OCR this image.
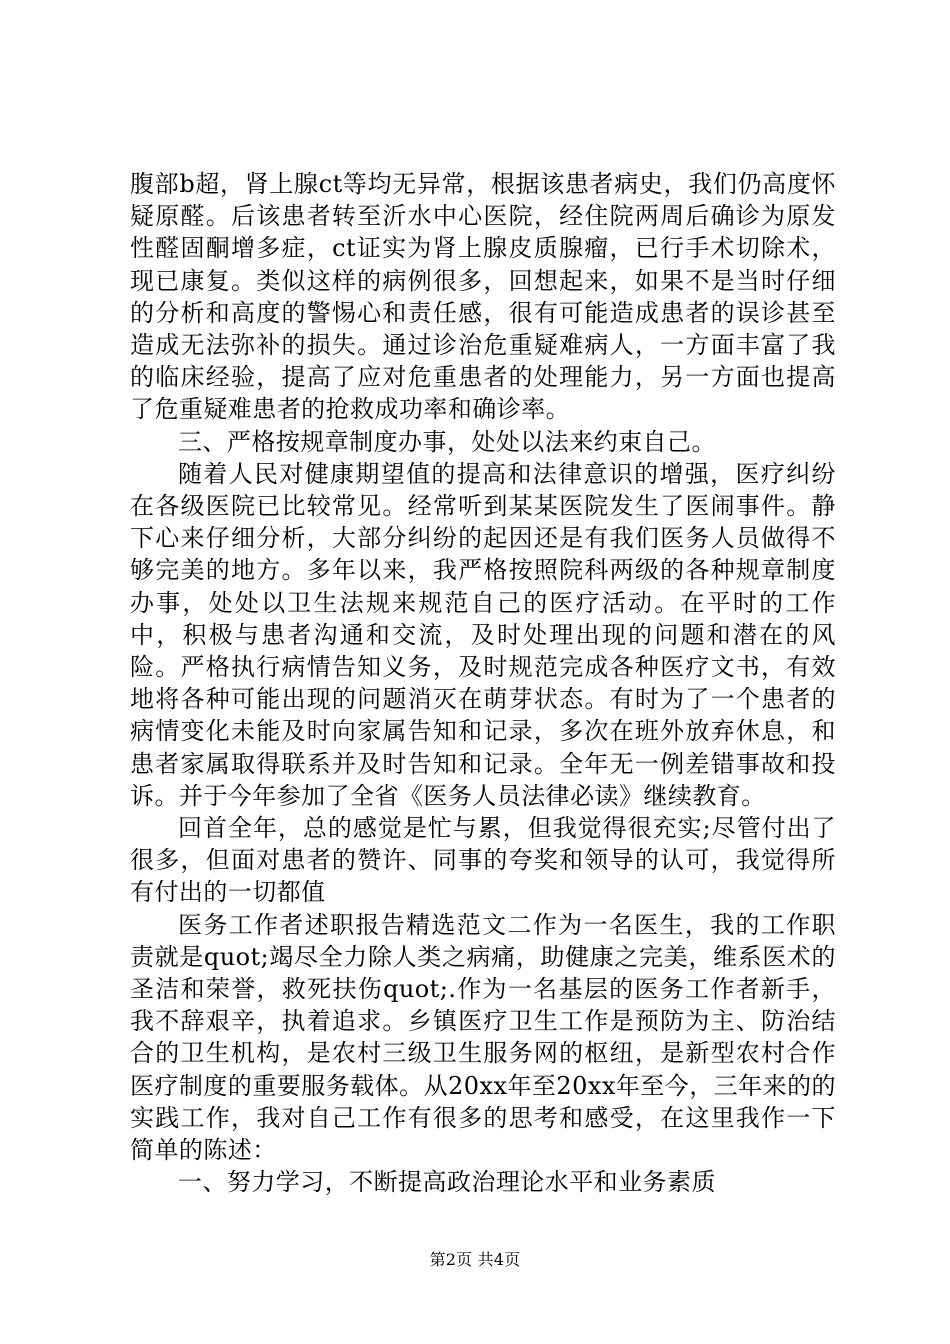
腹部b超，肾上腺ct等均无异常，根据该患者病史，我们仍高度怀疑原醛。后该患者转至沂水中心医院，经住院两周后确诊为原发性醛固酮增多症，ct证实为肾上腺皮质腺瘤，已行手术切除术，现已康复。类似这样的病例很多，回想起来，如果不是当时仔细的分析和高度的警惕心和责任感，很有可能造成患者的误诊甚至造成无法弥补的损失。通过诊治危重疑难病人，一方面丰富了我的临床经验，提高了应对危重患者的处理能力，另一方面也提高了危重疑难患者的抢救成功率和确诊率。

三、严格按规章制度办事，处处以法来约束自己。

随着人民对健康期望值的提高和法律意识的增强，医疗纠纷在各级医院已比较常见。经常听到某某医院发生了医闹事件。静下心来仔细分析，大部分纠纷的起因还是有我们医务人员做得不够完美的地方。多年以来，我严格按照院科两级的各种规章制度办事，处处以卫生法规来规范自己的医疗活动。在平时的工作中，积极与患者沟通和交流，及时处理出现的问题和潜在的风险。严格执行病情告知义务，及时规范完成各种医疗文书，有效地将各种可能出现的问题消灭在萌芽状态。有时为了一个患者的病情变化未能及时向家属告知和记录，多次在班外放弃休息，和患者家属取得联系并及时告知和记录。全年无一例差错事故和投诉。并于今年参加了全省《医务人员法律必读》继续教育。

回首全年，总的感觉是忙与累，但我觉得很充实;尽管付出了很多，但面对患者的赞许、同事的夸奖和领导的认可，我觉得所有付出的一切都值

医务工作者述职报告精选范文二作为一名医生，我的工作职责就是quot;竭尽全力除人类之病痛，助健康之完美，维系医术的圣洁和荣誉，救死扶伤quot;.作为一名基层的医务工作者新手，我不辞艰辛，执着追求。乡镇医疗卫生工作是预防为主、防治结合的卫生机构，是农村三级卫生服务网的枢纽，是新型农村合作医疗制度的重要服务载体。从20xx年至20xx年至今，三年来的的实践工作，我对自己工作有很多的思考和感受，在这里我作一下简单的陈述：

一、努力学习，不断提高政治理论水平和业务素质

第2页 共4页
